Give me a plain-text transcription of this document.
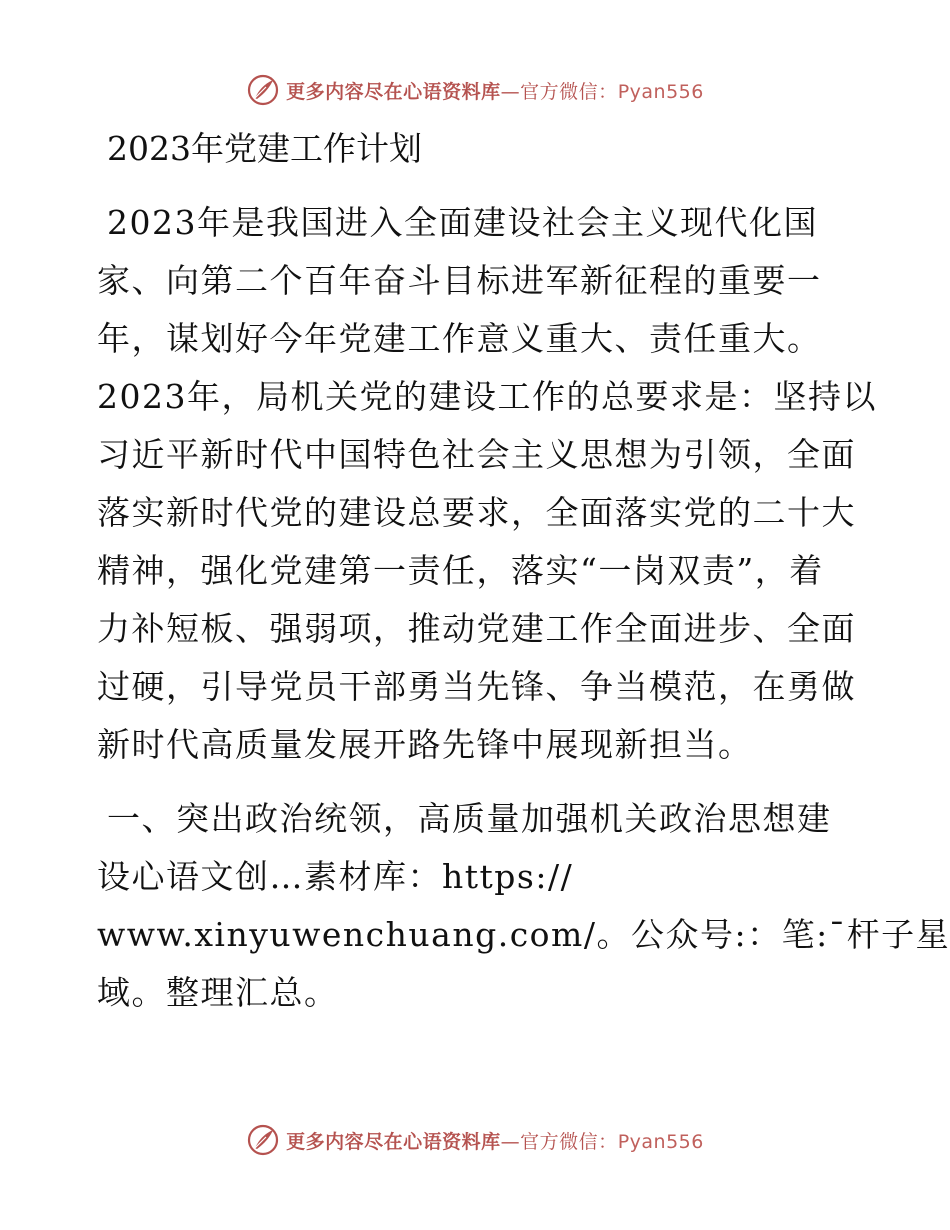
更多内容尽在心语资料库—官方微信：Pyan556
2023年党建工作计划

2023年是我国进入全面建设社会主义现代化国
家、向第二个百年奋斗目标进军新征程的重要一
年，谋划好今年党建工作意义重大、责任重大。
2023年，局机关党的建设工作的总要求是：坚持以
习近平新时代中国特色社会主义思想为引领，全面
落实新时代党的建设总要求，全面落实党的二十大
精神，强化党建第一责任，落实“一岗双责”，着
力补短板、强弱项，推动党建工作全面进步、全面
过硬，引导党员干部勇当先锋、争当模范，在勇做
新时代高质量发展开路先锋中展现新担当。

一、突出政治统领，高质量加强机关政治思想建
设心语文创…素材库：https://
www.xinyuwenchuang.com/。公众号:：笔:¯杆子星
域。整理汇总。

更多内容尽在心语资料库—官方微信：Pyan556
